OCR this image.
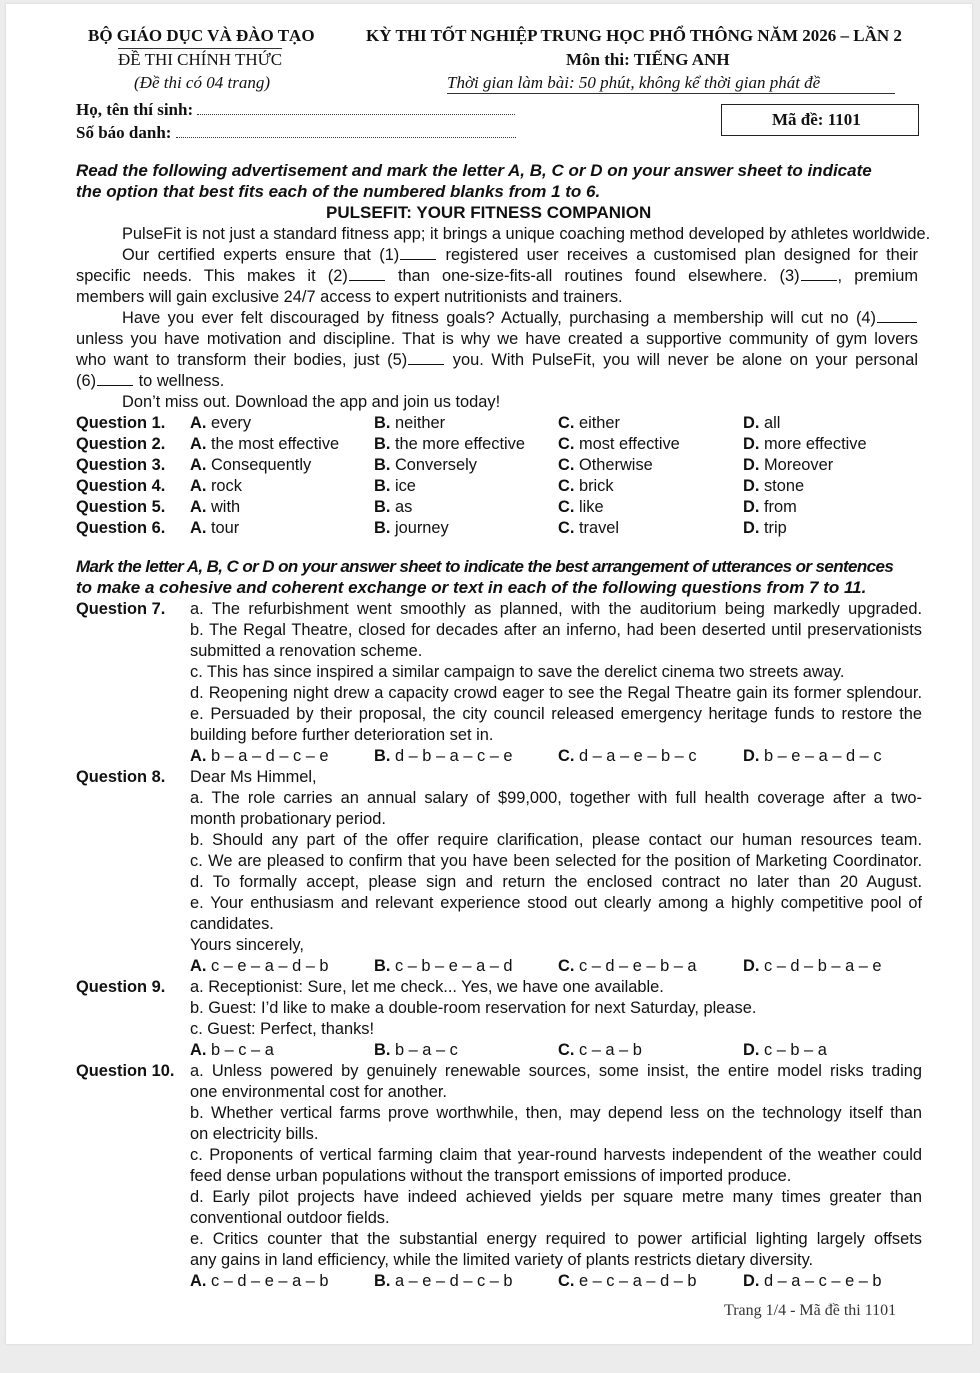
BỘ GIÁO DỤC VÀ ĐÀO TẠO	KỲ THI TỐT NGHIỆP TRUNG HỌC PHỔ THÔNG NĂM 2026 – LẦN 2
ĐỀ THI CHÍNH THỨC	Môn thi: TIẾNG ANH
(Đề thi có 04 trang)	Thời gian làm bài: 50 phút, không kể thời gian phát đề
Họ, tên thí sinh:
Số báo danh:
Mã đề: 1101
Read the following advertisement and mark the letter A, B, C or D on your answer sheet to indicate
the option that best fits each of the numbered blanks from 1 to 6.
PULSEFIT: YOUR FITNESS COMPANION
PulseFit is not just a standard fitness app; it brings a unique coaching method developed by athletes worldwide.
Our certified experts ensure that (1)	registered user receives a customised plan designed for their
specific needs. This makes it (2)	than one-size-fits-all routines found elsewhere. (3) , premium
members will gain exclusive 24/7 access to expert nutritionists and trainers.
Have you ever felt discouraged by fitness goals? Actually, purchasing a membership will cut no (4)
unless you have motivation and discipline. That is why we have created a supportive community of gym lovers
who want to transform their bodies, just (5)	you. With PulseFit, you will never be alone on your personal
(6)	to wellness.
Don’t miss out. Download the app and join us today!
Question 1. A. every	B. neither	C. either	D. all
Question 2. A. the most effective B. the more effective C. most effective	D. more effective
Question 3. A. Consequently	B. Conversely	C. Otherwise	D. Moreover
Question 4. A. rock	B. ice	C. brick	D. stone
Question 5. A. with	B. as	C. like	D. from
Question 6. A. tour	B. journey	C. travel	D. trip
Mark the letter A, B, C or D on your answer sheet to indicate the best arrangement of utterances or sentences
to make a cohesive and coherent exchange or text in each of the following questions from 7 to 11.
Question 7. a. The refurbishment went smoothly as planned, with the auditorium being markedly upgraded.
b. The Regal Theatre, closed for decades after an inferno, had been deserted until preservationists
submitted a renovation scheme.
c. This has since inspired a similar campaign to save the derelict cinema two streets away.
d. Reopening night drew a capacity crowd eager to see the Regal Theatre gain its former splendour.
e. Persuaded by their proposal, the city council released emergency heritage funds to restore the
building before further deterioration set in.
A. b – a – d – c – e	B. d – b – a – c – e	C. d – a – e – b – c	D. b – e – a – d – c
Question 8. Dear Ms Himmel,
a. The role carries an annual salary of $99,000, together with full health coverage after a two-
month probationary period.
b. Should any part of the offer require clarification, please contact our human resources team.
c. We are pleased to confirm that you have been selected for the position of Marketing Coordinator.
d. To formally accept, please sign and return the enclosed contract no later than 20 August.
e. Your enthusiasm and relevant experience stood out clearly among a highly competitive pool of
candidates.
Yours sincerely,
A. c – e – a – d – b	B. c – b – e – a – d	C. c – d – e – b – a	D. c – d – b – a – e
Question 9. a. Receptionist: Sure, let me check... Yes, we have one available.
b. Guest: I’d like to make a double-room reservation for next Saturday, please.
c. Guest: Perfect, thanks!
A. b – c – a	B. b – a – c	C. c – a – b	D. c – b – a
Question 10. a. Unless powered by genuinely renewable sources, some insist, the entire model risks trading
one environmental cost for another.
b. Whether vertical farms prove worthwhile, then, may depend less on the technology itself than
on electricity bills.
c. Proponents of vertical farming claim that year-round harvests independent of the weather could
feed dense urban populations without the transport emissions of imported produce.
d. Early pilot projects have indeed achieved yields per square metre many times greater than
conventional outdoor fields.
e. Critics counter that the substantial energy required to power artificial lighting largely offsets
any gains in land efficiency, while the limited variety of plants restricts dietary diversity.
A. c – d – e – a – b	B. a – e – d – c – b	C. e – c – a – d – b	D. d – a – c – e – b
Trang 1/4 - Mã đề thi 1101
